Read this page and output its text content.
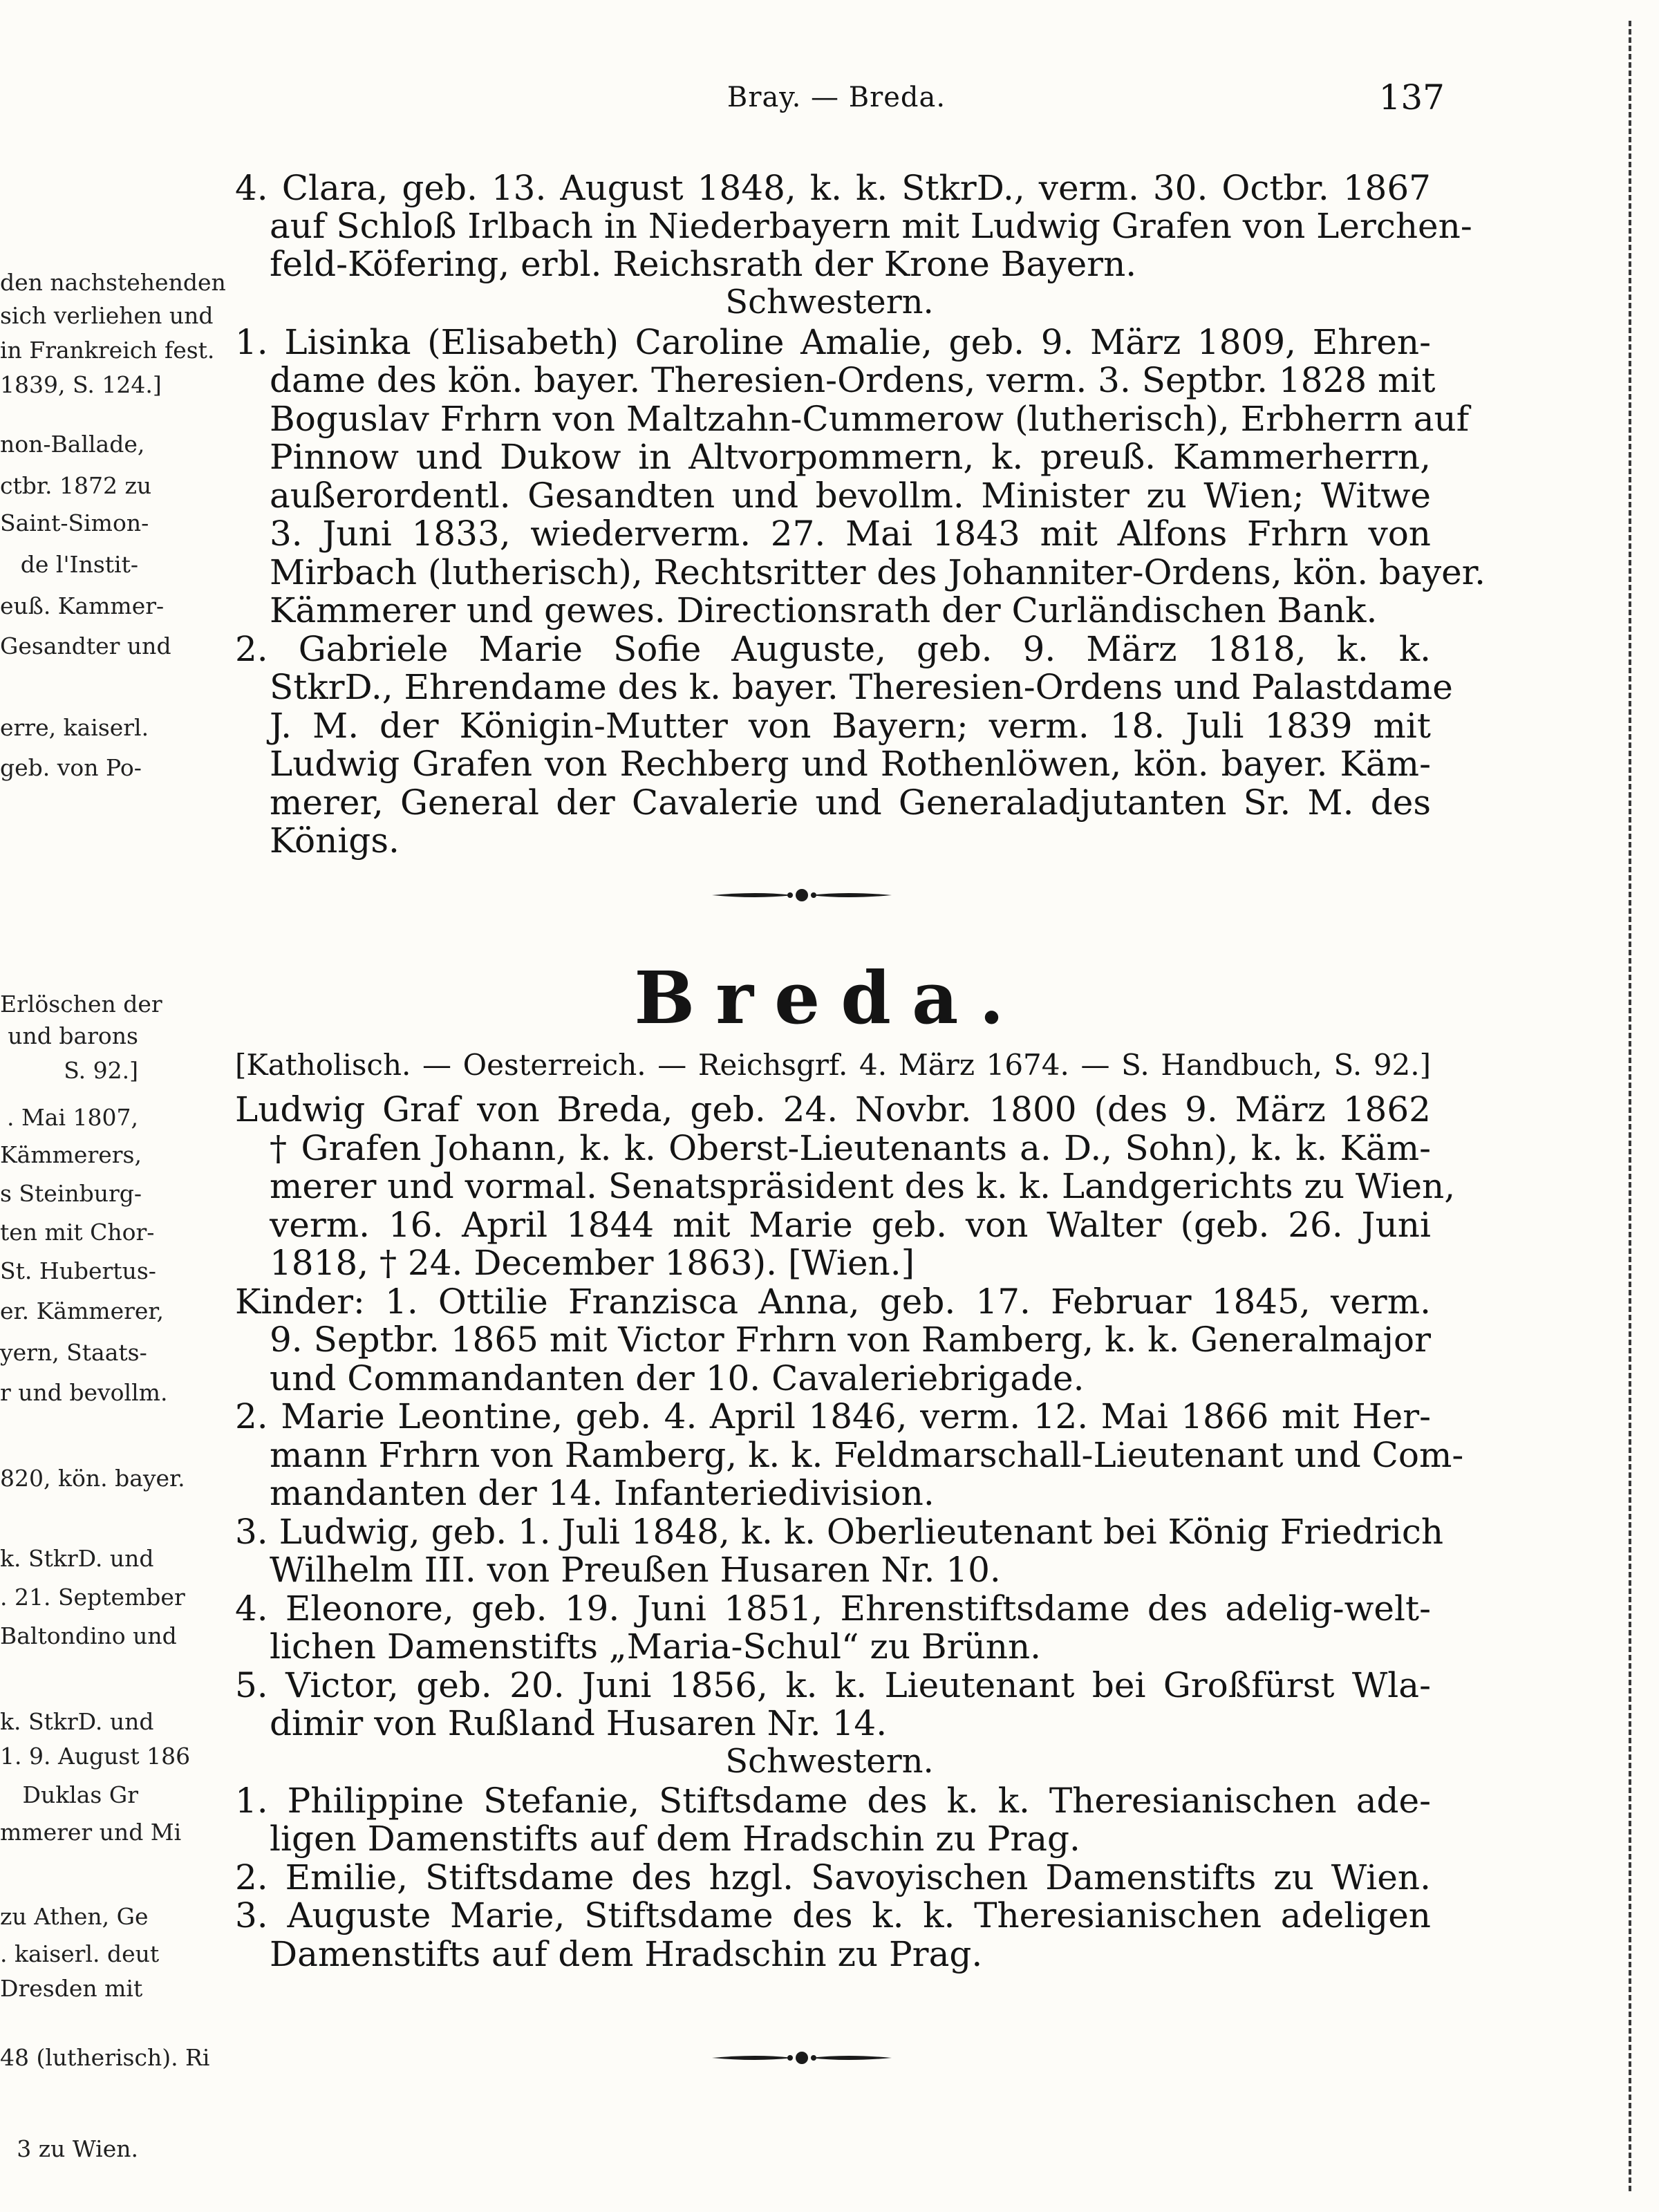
den nachstehenden
sich verliehen und
in Frankreich fest.
1839, S. 124.]
non-Ballade,
ctbr. 1872 zu
Saint-Simon-
de l'Instit-
euß. Kammer-
Gesandter und
erre, kaiserl.
geb. von Po-
Erlöschen der
und barons
S. 92.]
. Mai 1807,
Kämmerers,
s Steinburg-
ten mit Chor-
St. Hubertus-
er. Kämmerer,
yern, Staats-
r und bevollm.
820, kön. bayer.
k. StkrD. und
. 21. September
Baltondino und
k. StkrD. und
1. 9. August 186
Duklas Gr
mmerer und Mi
zu Athen, Ge
. kaiserl. deut
Dresden mit
48 (lutherisch). Ri
3 zu Wien.
Bray. — Breda.	137
4. Clara, geb. 13. August 1848, k. k. StkrD., verm. 30. Octbr. 1867
auf Schloß Irlbach in Niederbayern mit Ludwig Grafen von Lerchen-
feld-Köfering, erbl. Reichsrath der Krone Bayern.
Schwestern.
1. Lisinka (Elisabeth) Caroline Amalie, geb. 9. März 1809, Ehren-
dame des kön. bayer. Theresien-Ordens, verm. 3. Septbr. 1828 mit
Boguslav Frhrn von Maltzahn-Cummerow (lutherisch), Erbherrn auf
Pinnow und Dukow in Altvorpommern, k. preuß. Kammerherrn,
außerordentl. Gesandten und bevollm. Minister zu Wien; Witwe
3. Juni 1833, wiederverm. 27. Mai 1843 mit Alfons Frhrn von
Mirbach (lutherisch), Rechtsritter des Johanniter-Ordens, kön. bayer.
Kämmerer und gewes. Directionsrath der Curländischen Bank.
2. Gabriele Marie Sofie Auguste, geb. 9. März 1818, k. k.
StkrD., Ehrendame des k. bayer. Theresien-Ordens und Palastdame
J. M. der Königin-Mutter von Bayern; verm. 18. Juli 1839 mit
Ludwig Grafen von Rechberg und Rothenlöwen, kön. bayer. Käm-
merer, General der Cavalerie und Generaladjutanten Sr. M. des
Königs.
Breda.
[Katholisch. — Oesterreich. — Reichsgrf. 4. März 1674. — S. Handbuch, S. 92.]
Ludwig Graf von Breda, geb. 24. Novbr. 1800 (des 9. März 1862
† Grafen Johann, k. k. Oberst-Lieutenants a. D., Sohn), k. k. Käm-
merer und vormal. Senatspräsident des k. k. Landgerichts zu Wien,
verm. 16. April 1844 mit Marie geb. von Walter (geb. 26. Juni
1818, † 24. December 1863). [Wien.]
Kinder: 1. Ottilie Franzisca Anna, geb. 17. Februar 1845, verm.
9. Septbr. 1865 mit Victor Frhrn von Ramberg, k. k. Generalmajor
und Commandanten der 10. Cavaleriebrigade.
2. Marie Leontine, geb. 4. April 1846, verm. 12. Mai 1866 mit Her-
mann Frhrn von Ramberg, k. k. Feldmarschall-Lieutenant und Com-
mandanten der 14. Infanteriedivision.
3. Ludwig, geb. 1. Juli 1848, k. k. Oberlieutenant bei König Friedrich
Wilhelm III. von Preußen Husaren Nr. 10.
4. Eleonore, geb. 19. Juni 1851, Ehrenstiftsdame des adelig-welt-
lichen Damenstifts „Maria-Schul“ zu Brünn.
5. Victor, geb. 20. Juni 1856, k. k. Lieutenant bei Großfürst Wla-
dimir von Rußland Husaren Nr. 14.
Schwestern.
1. Philippine Stefanie, Stiftsdame des k. k. Theresianischen ade-
ligen Damenstifts auf dem Hradschin zu Prag.
2. Emilie, Stiftsdame des hzgl. Savoyischen Damenstifts zu Wien.
3. Auguste Marie, Stiftsdame des k. k. Theresianischen adeligen
Damenstifts auf dem Hradschin zu Prag.
